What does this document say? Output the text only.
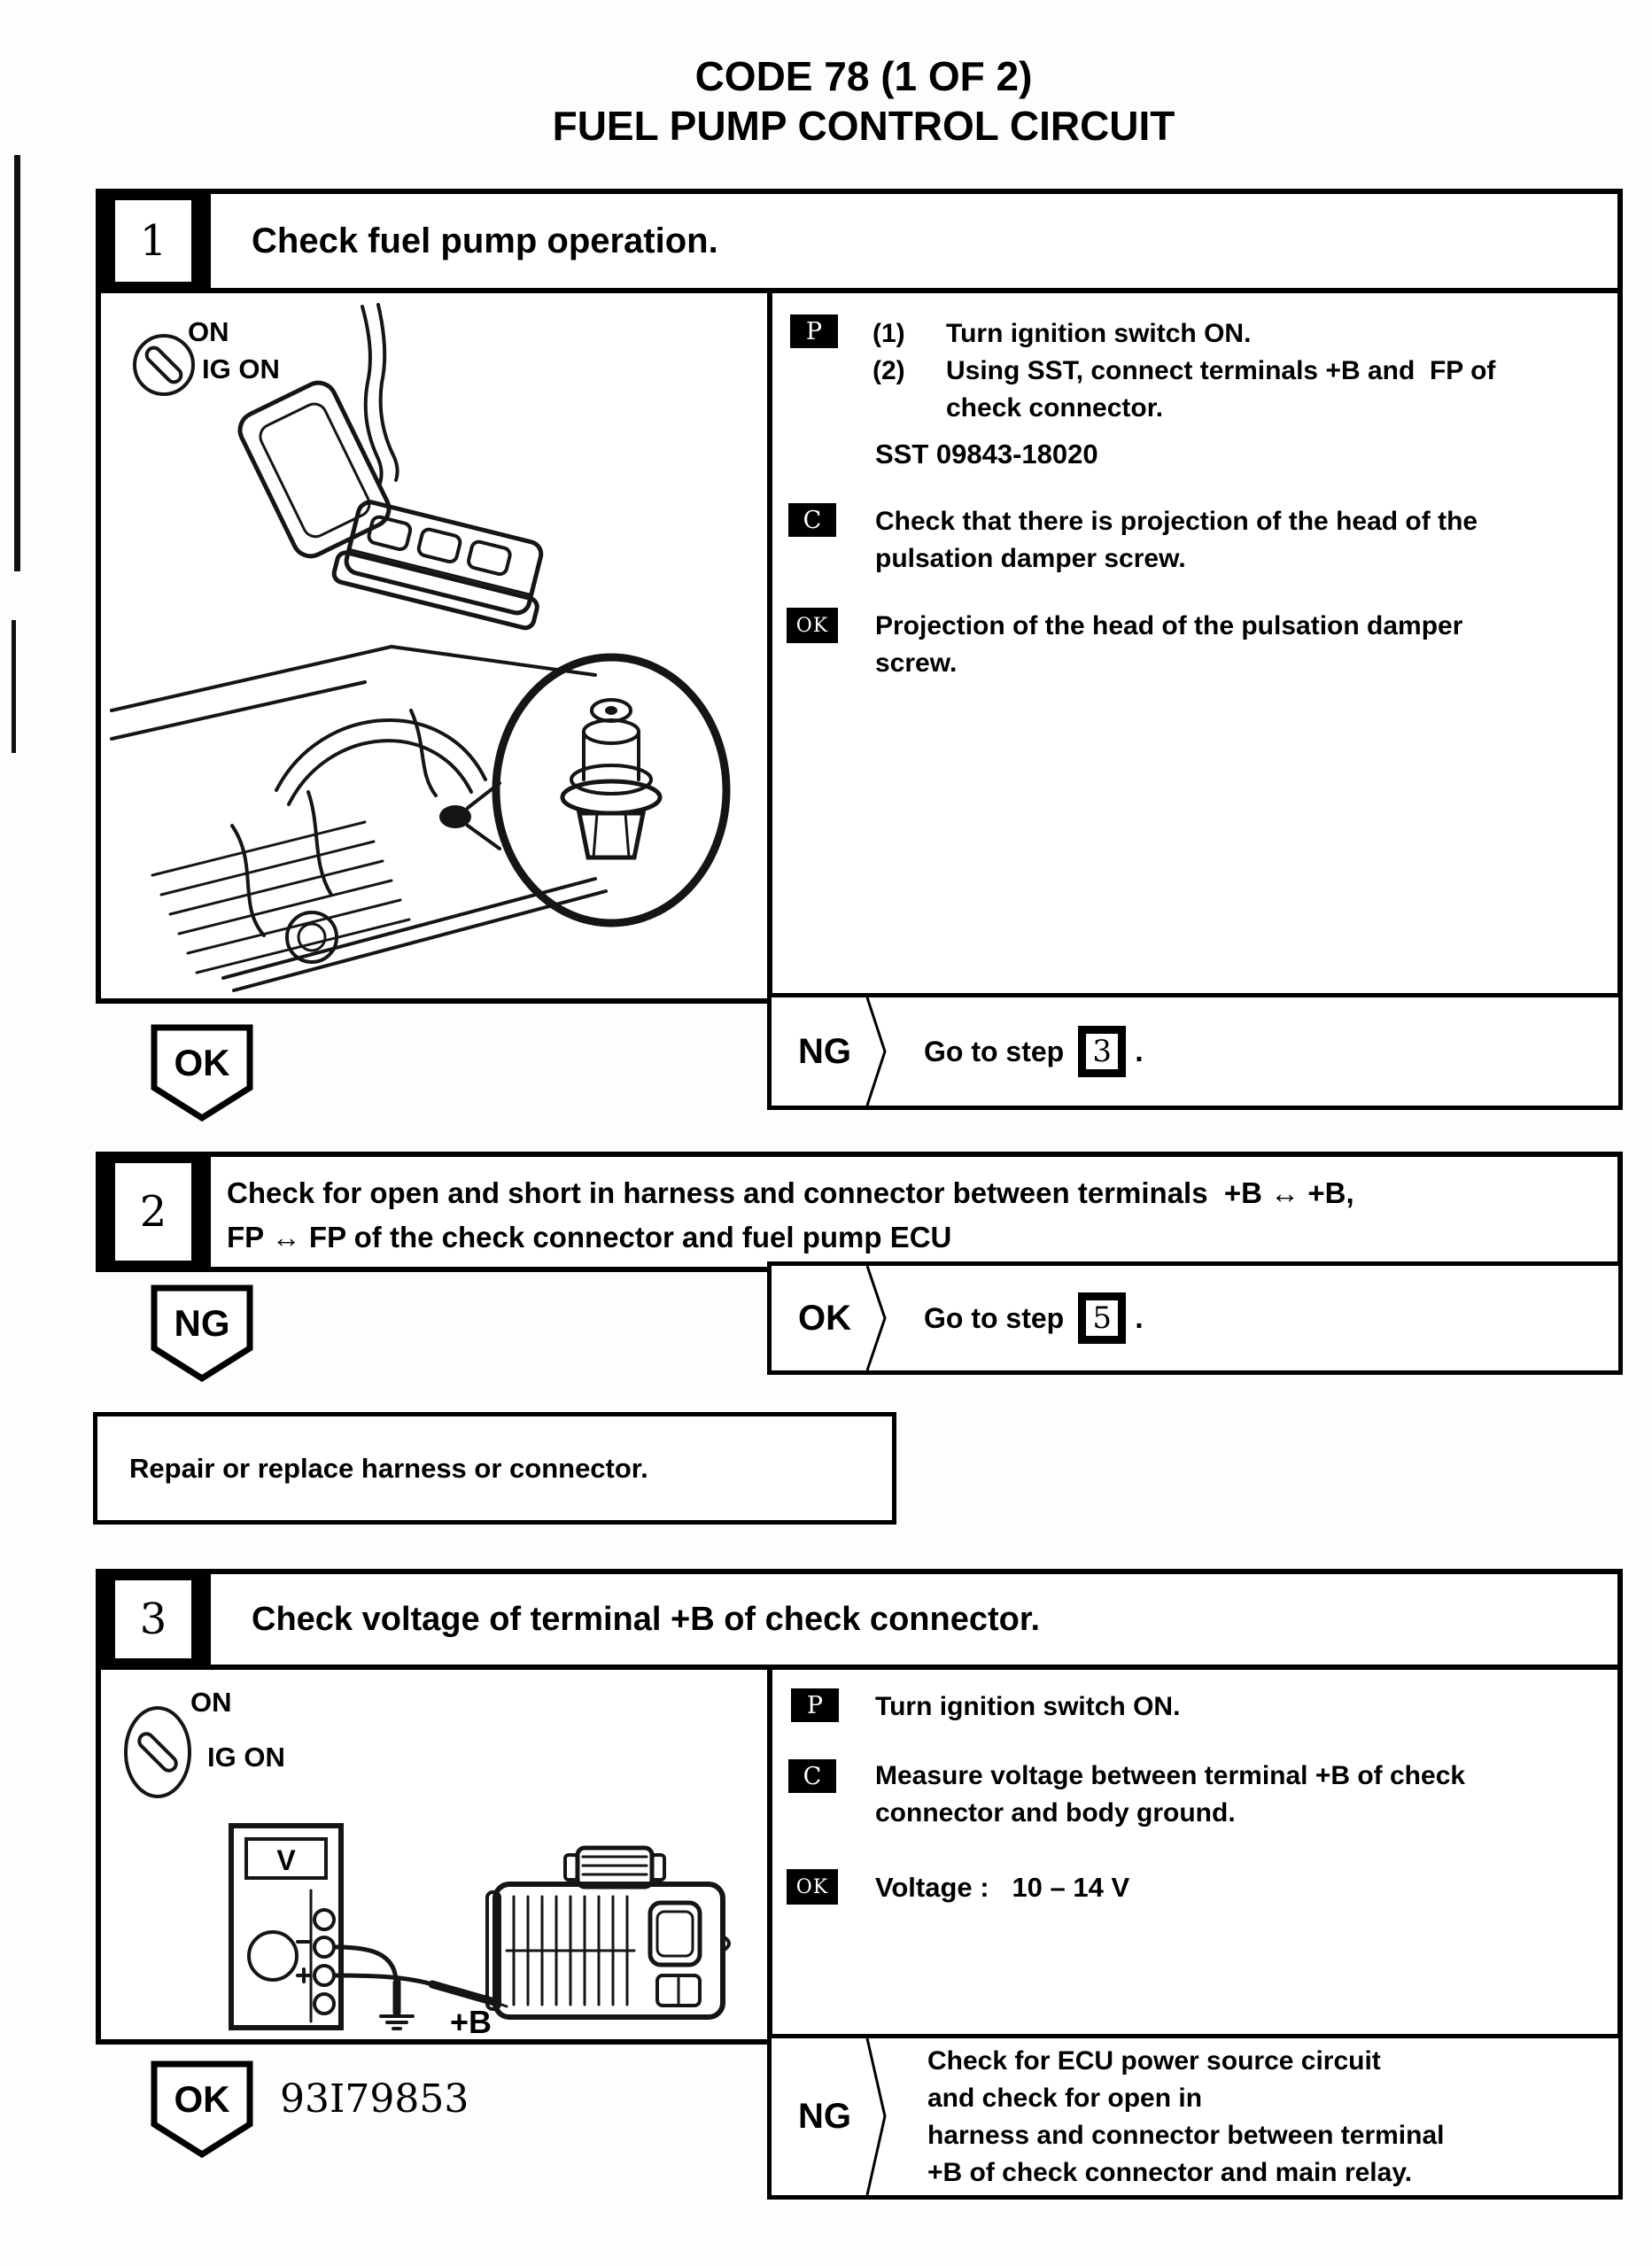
CODE 78 (1 OF 2)
FUEL PUMP CONTROL CIRCUIT
1	Check fuel pump operation.
ON
IG ON
P	(1) Turn ignition switch ON.
(2) Using SST, connect terminals +B and  FP of
check connector.
SST 09843-18020
C	Check that there is projection of the head of the
pulsation damper screw.
OK	Projection of the head of the pulsation damper
screw.
OK	NG	Go to step 3 .
2	Check for open and short in harness and connector between terminals  +B ↔ +B,
FP ↔ FP of the check connector and fuel pump ECU
NG	OK	Go to step 5 .
Repair or replace harness or connector.
3	Check voltage of terminal +B of check connector.
ON
IG ON
V
+B
P	Turn ignition switch ON.
C	Measure voltage between terminal +B of check
connector and body ground.
OK	Voltage :   10 – 14 V
OK	93I79853	NG
Check for ECU power source circuit
and check for open in
harness and connector between terminal
+B of check connector and main relay.
